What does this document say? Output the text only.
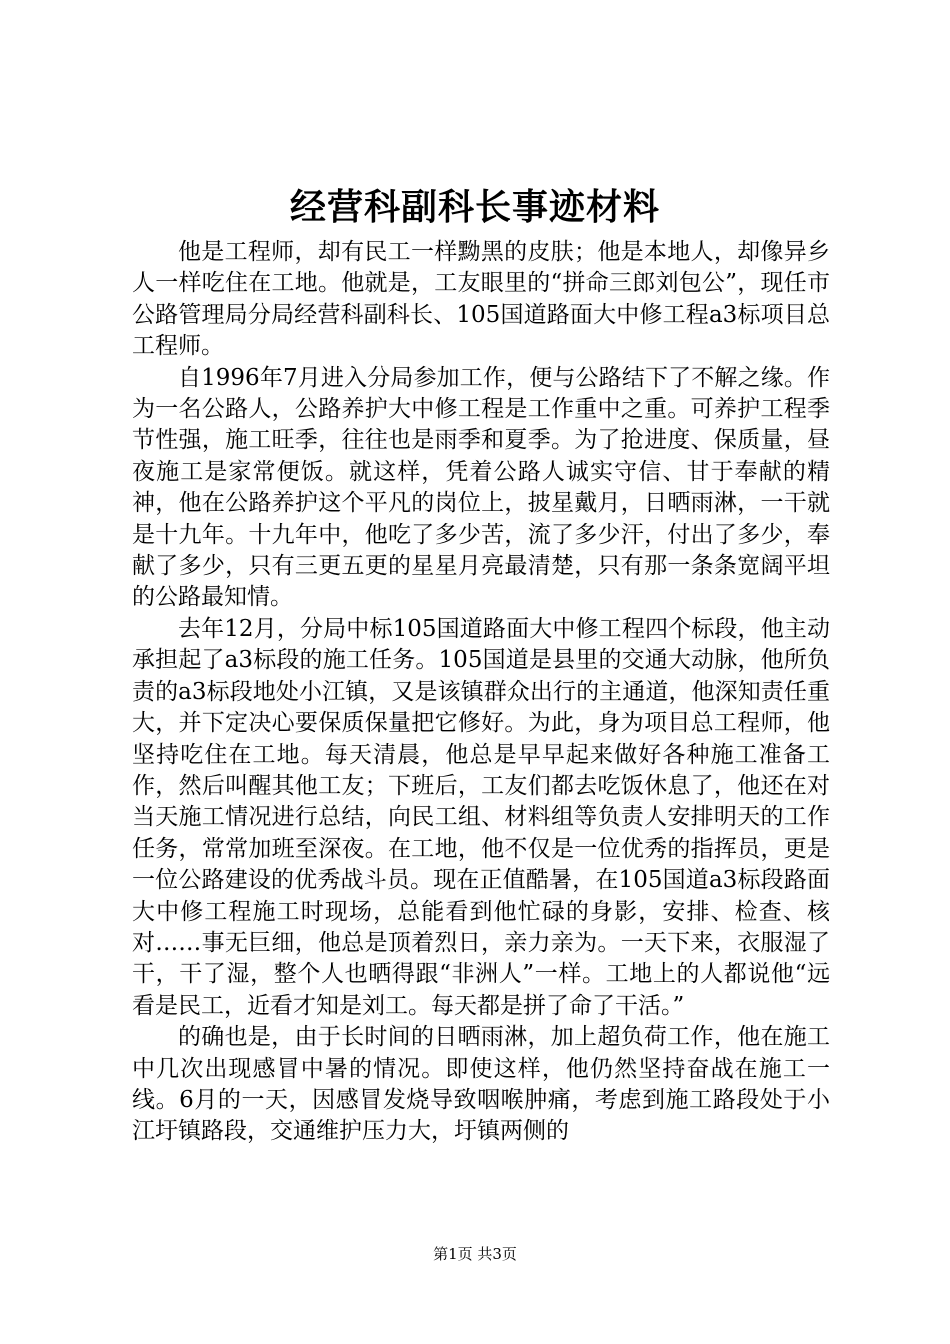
经营科副科长事迹材料

他是工程师，却有民工一样黝黑的皮肤；他是本地人，却像异乡人一样吃住在工地。他就是，工友眼里的“拼命三郎刘包公”，现任市公路管理局分局经营科副科长、105国道路面大中修工程a3标项目总工程师。

自1996年7月进入分局参加工作，便与公路结下了不解之缘。作为一名公路人，公路养护大中修工程是工作重中之重。可养护工程季节性强，施工旺季，往往也是雨季和夏季。为了抢进度、保质量，昼夜施工是家常便饭。就这样，凭着公路人诚实守信、甘于奉献的精神，他在公路养护这个平凡的岗位上，披星戴月，日晒雨淋，一干就是十九年。十九年中，他吃了多少苦，流了多少汗，付出了多少，奉献了多少，只有三更五更的星星月亮最清楚，只有那一条条宽阔平坦的公路最知情。

去年12月，分局中标105国道路面大中修工程四个标段，他主动承担起了a3标段的施工任务。105国道是县里的交通大动脉，他所负责的a3标段地处小江镇，又是该镇群众出行的主通道，他深知责任重大，并下定决心要保质保量把它修好。为此，身为项目总工程师，他坚持吃住在工地。每天清晨，他总是早早起来做好各种施工准备工作，然后叫醒其他工友；下班后，工友们都去吃饭休息了，他还在对当天施工情况进行总结，向民工组、材料组等负责人安排明天的工作任务，常常加班至深夜。在工地，他不仅是一位优秀的指挥员，更是一位公路建设的优秀战斗员。现在正值酷暑，在105国道a3标段路面大中修工程施工时现场，总能看到他忙碌的身影，安排、检查、核对……事无巨细，他总是顶着烈日，亲力亲为。一天下来，衣服湿了干，干了湿，整个人也晒得跟“非洲人”一样。工地上的人都说他“远看是民工，近看才知是刘工。每天都是拼了命了干活。”

的确也是，由于长时间的日晒雨淋，加上超负荷工作，他在施工中几次出现感冒中暑的情况。即使这样，他仍然坚持奋战在施工一线。6月的一天，因感冒发烧导致咽喉肿痛，考虑到施工路段处于小江圩镇路段，交通维护压力大，圩镇两侧的

第1页 共3页
